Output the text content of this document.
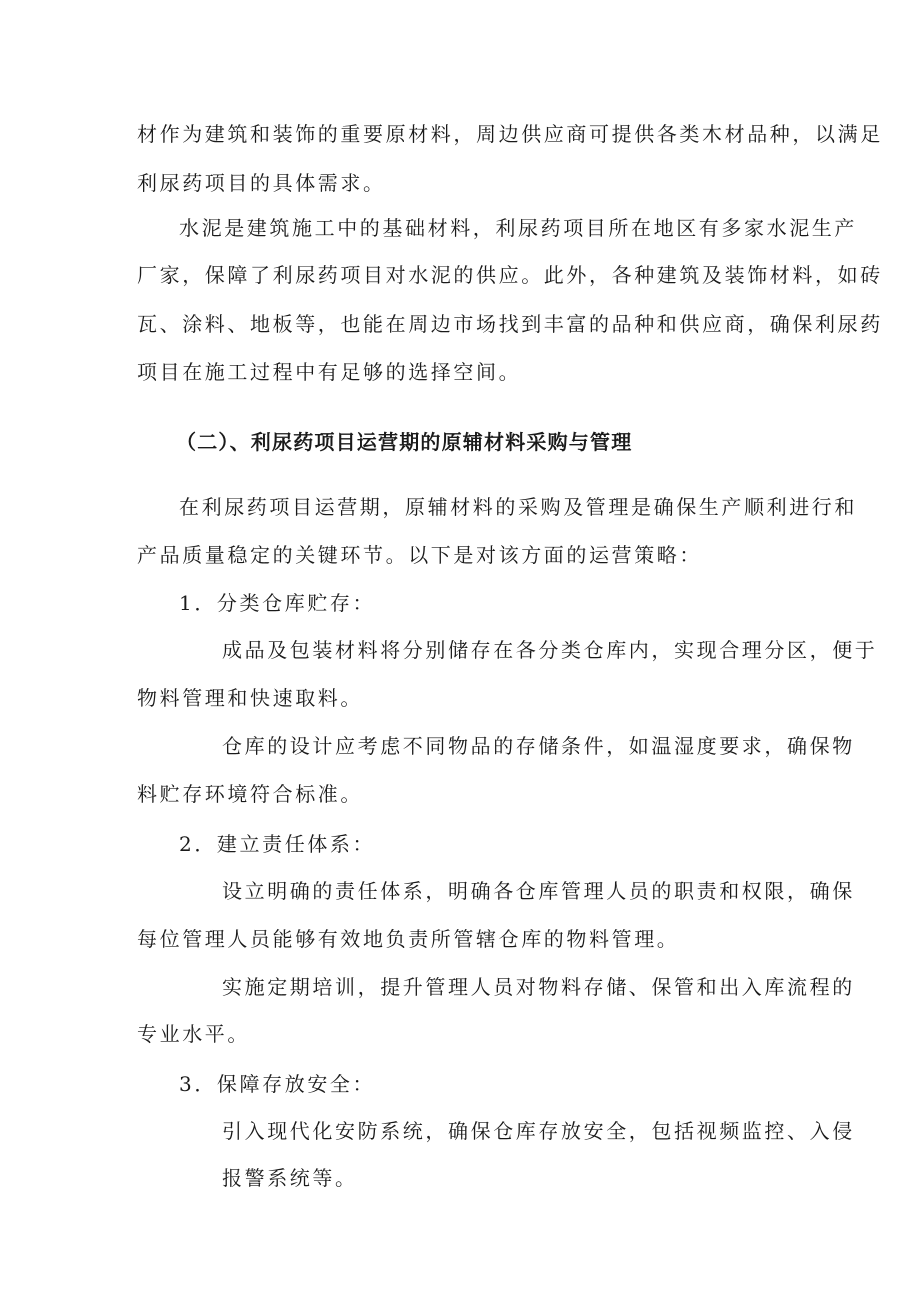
材作为建筑和装饰的重要原材料，周边供应商可提供各类木材品种，以满足
利尿药项目的具体需求。
水泥是建筑施工中的基础材料，利尿药项目所在地区有多家水泥生产
厂家，保障了利尿药项目对水泥的供应。此外，各种建筑及装饰材料，如砖
瓦、涂料、地板等，也能在周边市场找到丰富的品种和供应商，确保利尿药
项目在施工过程中有足够的选择空间。
（二）、利尿药项目运营期的原辅材料采购与管理
在利尿药项目运营期，原辅材料的采购及管理是确保生产顺利进行和
产品质量稳定的关键环节。以下是对该方面的运营策略：
1．分类仓库贮存：
成品及包装材料将分别储存在各分类仓库内，实现合理分区，便于
物料管理和快速取料。
仓库的设计应考虑不同物品的存储条件，如温湿度要求，确保物
料贮存环境符合标准。
2．建立责任体系：
设立明确的责任体系，明确各仓库管理人员的职责和权限，确保
每位管理人员能够有效地负责所管辖仓库的物料管理。
实施定期培训，提升管理人员对物料存储、保管和出入库流程的
专业水平。
3．保障存放安全：
引入现代化安防系统，确保仓库存放安全，包括视频监控、入侵
报警系统等。
